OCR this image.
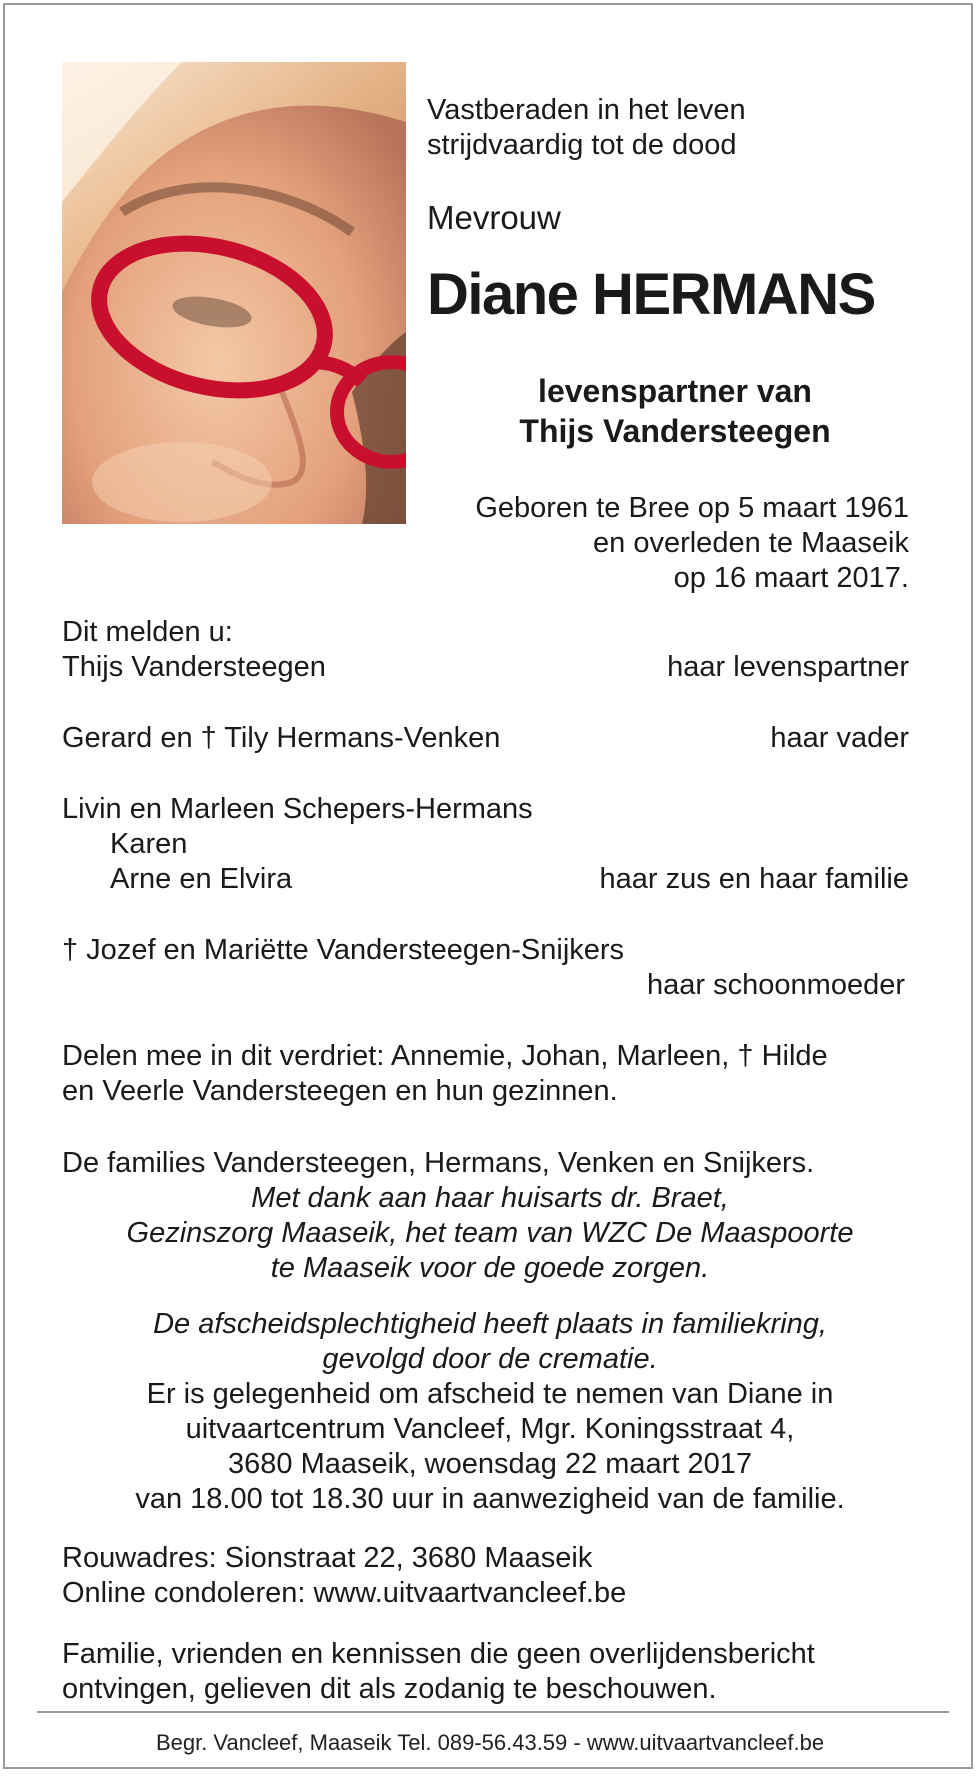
Vastberaden in het leven
strijdvaardig tot de dood
Mevrouw
Diane HERMANS
levenspartner van
Thijs Vandersteegen
Geboren te Bree op 5 maart 1961
en overleden te Maaseik
op 16 maart 2017.
Dit melden u:
Thijs Vandersteegen	haar levenspartner
Gerard en † Tily Hermans-Venken	haar vader
Livin en Marleen Schepers-Hermans
Karen
Arne en Elvira	haar zus en haar familie
† Jozef en Mariëtte Vandersteegen-Snijkers
haar schoonmoeder
Delen mee in dit verdriet: Annemie, Johan, Marleen, † Hilde
en Veerle Vandersteegen en hun gezinnen.
De families Vandersteegen, Hermans, Venken en Snijkers.
Met dank aan haar huisarts dr. Braet,
Gezinszorg Maaseik, het team van WZC De Maaspoorte
te Maaseik voor de goede zorgen.
De afscheidsplechtigheid heeft plaats in familiekring,
gevolgd door de crematie.
Er is gelegenheid om afscheid te nemen van Diane in
uitvaartcentrum Vancleef, Mgr. Koningsstraat 4,
3680 Maaseik, woensdag 22 maart 2017
van 18.00 tot 18.30 uur in aanwezigheid van de familie.
Rouwadres: Sionstraat 22, 3680 Maaseik
Online condoleren: www.uitvaartvancleef.be
Familie, vrienden en kennissen die geen overlijdensbericht
ontvingen, gelieven dit als zodanig te beschouwen.
Begr. Vancleef, Maaseik Tel. 089-56.43.59 - www.uitvaartvancleef.be
